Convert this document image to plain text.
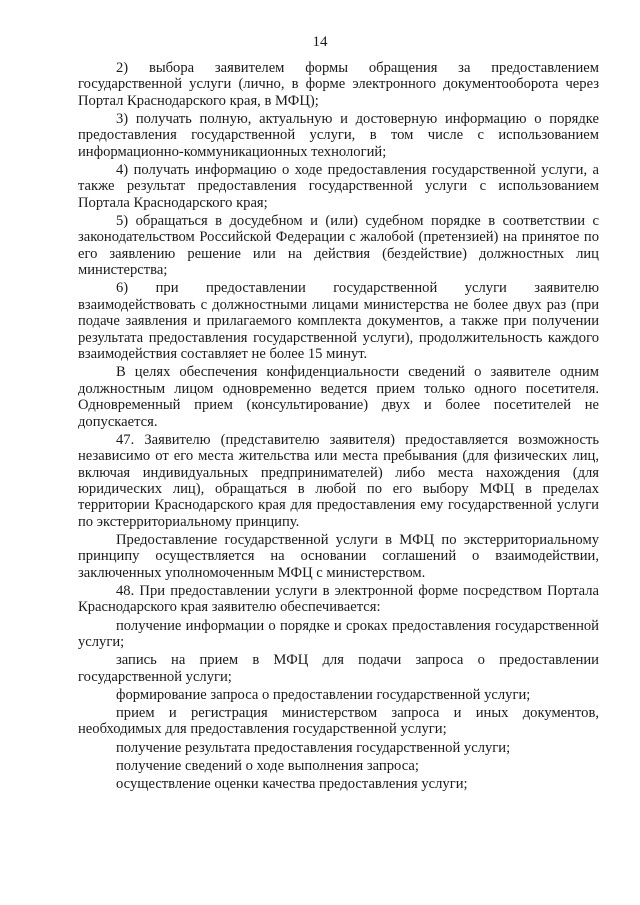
14

2) выбора заявителем формы обращения за предоставлением государственной услуги (лично, в форме электронного документооборота через Портал Краснодарского края, в МФЦ);

3) получать полную, актуальную и достоверную информацию о порядке предоставления государственной услуги, в том числе с использованием информационно-коммуникационных технологий;

4) получать информацию о ходе предоставления государственной услуги, а также результат предоставления государственной услуги с использованием Портала Краснодарского края;

5) обращаться в досудебном и (или) судебном порядке в соответствии с законодательством Российской Федерации с жалобой (претензией) на принятое по его заявлению решение или на действия (бездействие) должностных лиц министерства;

6) при предоставлении государственной услуги заявителю взаимодействовать с должностными лицами министерства не более двух раз (при подаче заявления и прилагаемого комплекта документов, а также при получении результата предоставления государственной услуги), продолжительность каждого взаимодействия составляет не более 15 минут.

В целях обеспечения конфиденциальности сведений о заявителе одним должностным лицом одновременно ведется прием только одного посетителя. Одновременный прием (консультирование) двух и более посетителей не допускается.

47. Заявителю (представителю заявителя) предоставляется возможность независимо от его места жительства или места пребывания (для физических лиц, включая индивидуальных предпринимателей) либо места нахождения (для юридических лиц), обращаться в любой по его выбору МФЦ в пределах территории Краснодарского края для предоставления ему государственной услуги по экстерриториальному принципу.

Предоставление государственной услуги в МФЦ по экстерриториальному принципу осуществляется на основании соглашений о взаимодействии, заключенных уполномоченным МФЦ с министерством.

48. При предоставлении услуги в электронной форме посредством Портала Краснодарского края заявителю обеспечивается:

получение информации о порядке и сроках предоставления государственной услуги;

запись на прием в МФЦ для подачи запроса о предоставлении государственной услуги;

формирование запроса о предоставлении государственной услуги;

прием и регистрация министерством запроса и иных документов, необходимых для предоставления государственной услуги;

получение результата предоставления государственной услуги;

получение сведений о ходе выполнения запроса;

осуществление оценки качества предоставления услуги;
